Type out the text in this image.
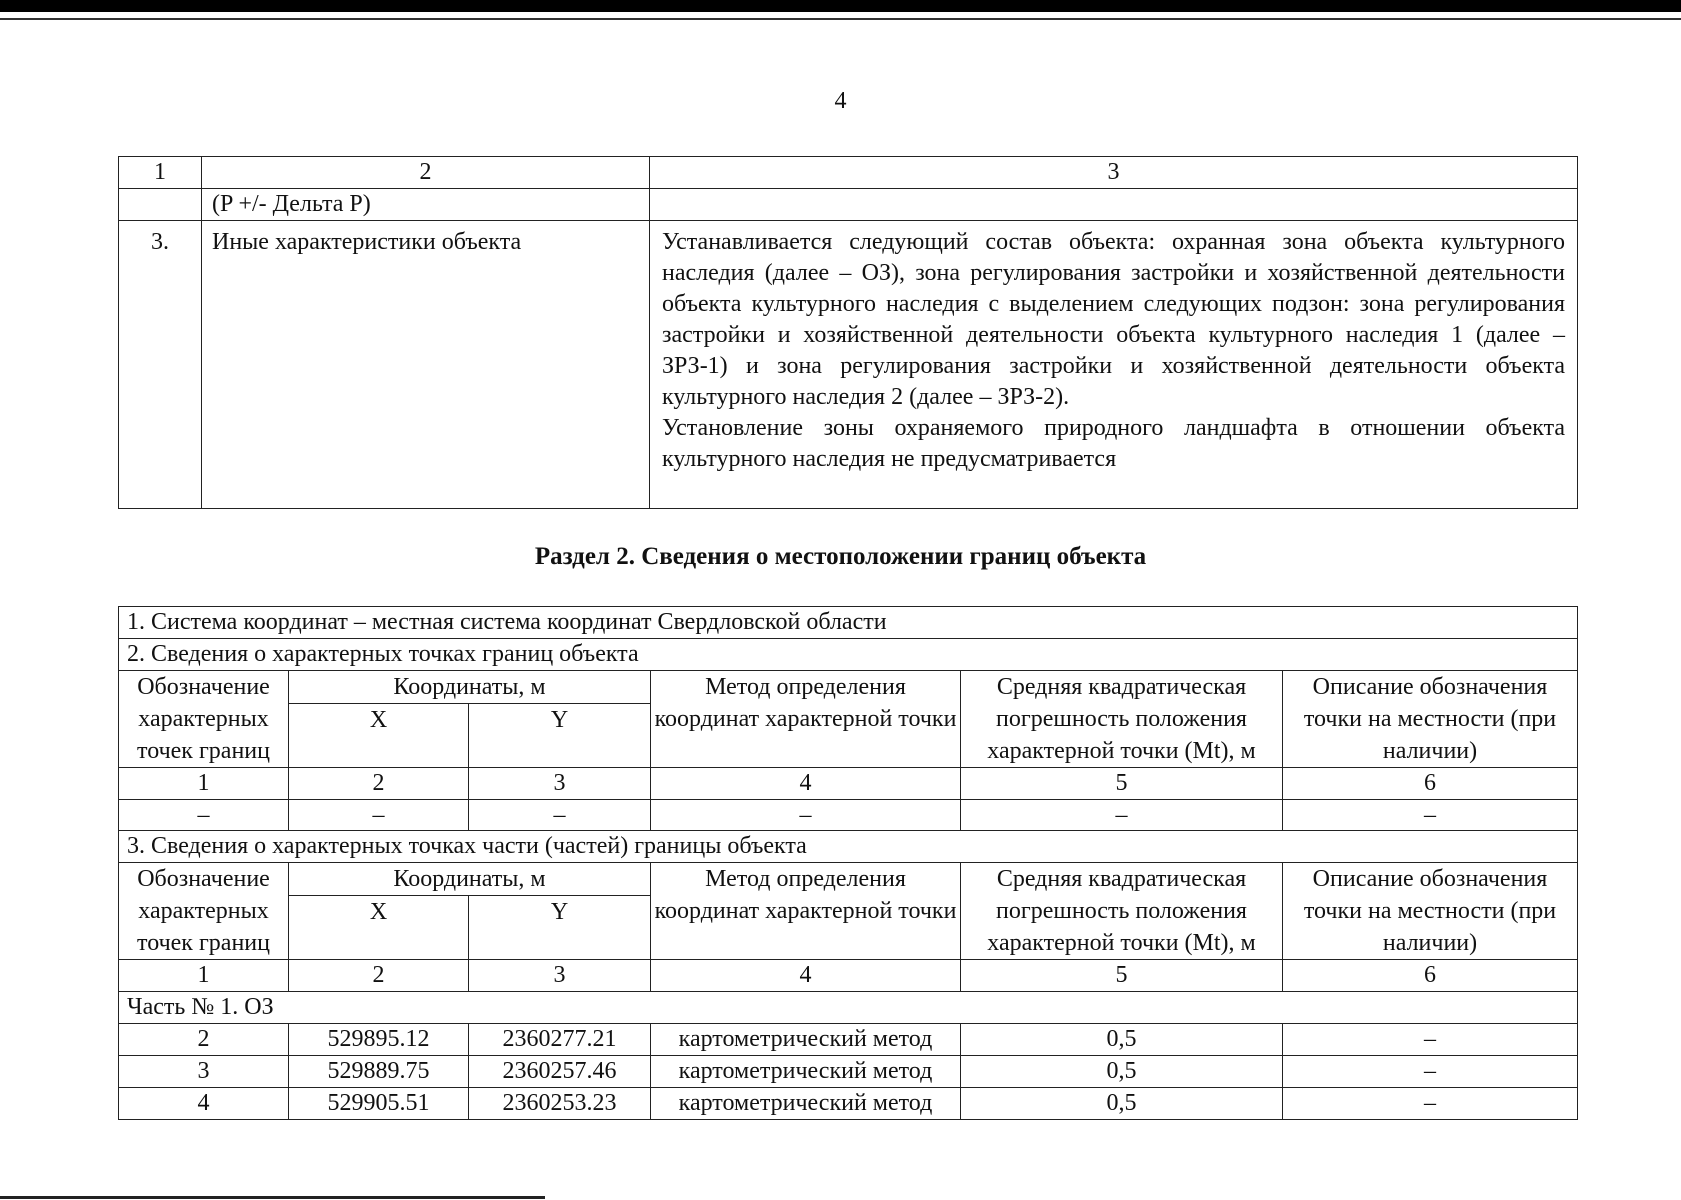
4
1	2	3
	(P +/- Дельта P)	
3.	Иные характеристики объекта	Устанавливается следующий состав объекта: охранная зона объекта культурного наследия (далее – ОЗ), зона регулирования застройки и хозяйственной деятельности объекта культурного наследия с выделением следующих подзон: зона регулирования застройки и хозяйственной деятельности объекта культурного наследия 1 (далее – ЗРЗ-1) и зона регулирования застройки и хозяйственной деятельности объекта культурного наследия 2 (далее – ЗРЗ-2).

Установление зоны охраняемого природного ландшафта в отношении объекта культурного наследия не предусматривается

Раздел 2. Сведения о местоположении границ объекта
1. Система координат – местная система координат Свердловской области					
2. Сведения о характерных точках границ объекта					
Обозначение характерных точек границ	Координаты, м		Метод определения координат характерной точки	Средняя квадратическая погрешность положения характерной точки (Mt), м	Описание обозначения точки на местности (при наличии)
	X	Y			
1	2	3	4	5	6
–	–	–	–	–	–
3. Сведения о характерных точках части (частей) границы объекта					
Обозначение характерных точек границ	Координаты, м		Метод определения координат характерной точки	Средняя квадратическая погрешность положения характерной точки (Mt), м	Описание обозначения точки на местности (при наличии)
	X	Y			
1	2	3	4	5	6
Часть № 1. ОЗ					
2	529895.12	2360277.21	картометрический метод	0,5	–
3	529889.75	2360257.46	картометрический метод	0,5	–
4	529905.51	2360253.23	картометрический метод	0,5	–
